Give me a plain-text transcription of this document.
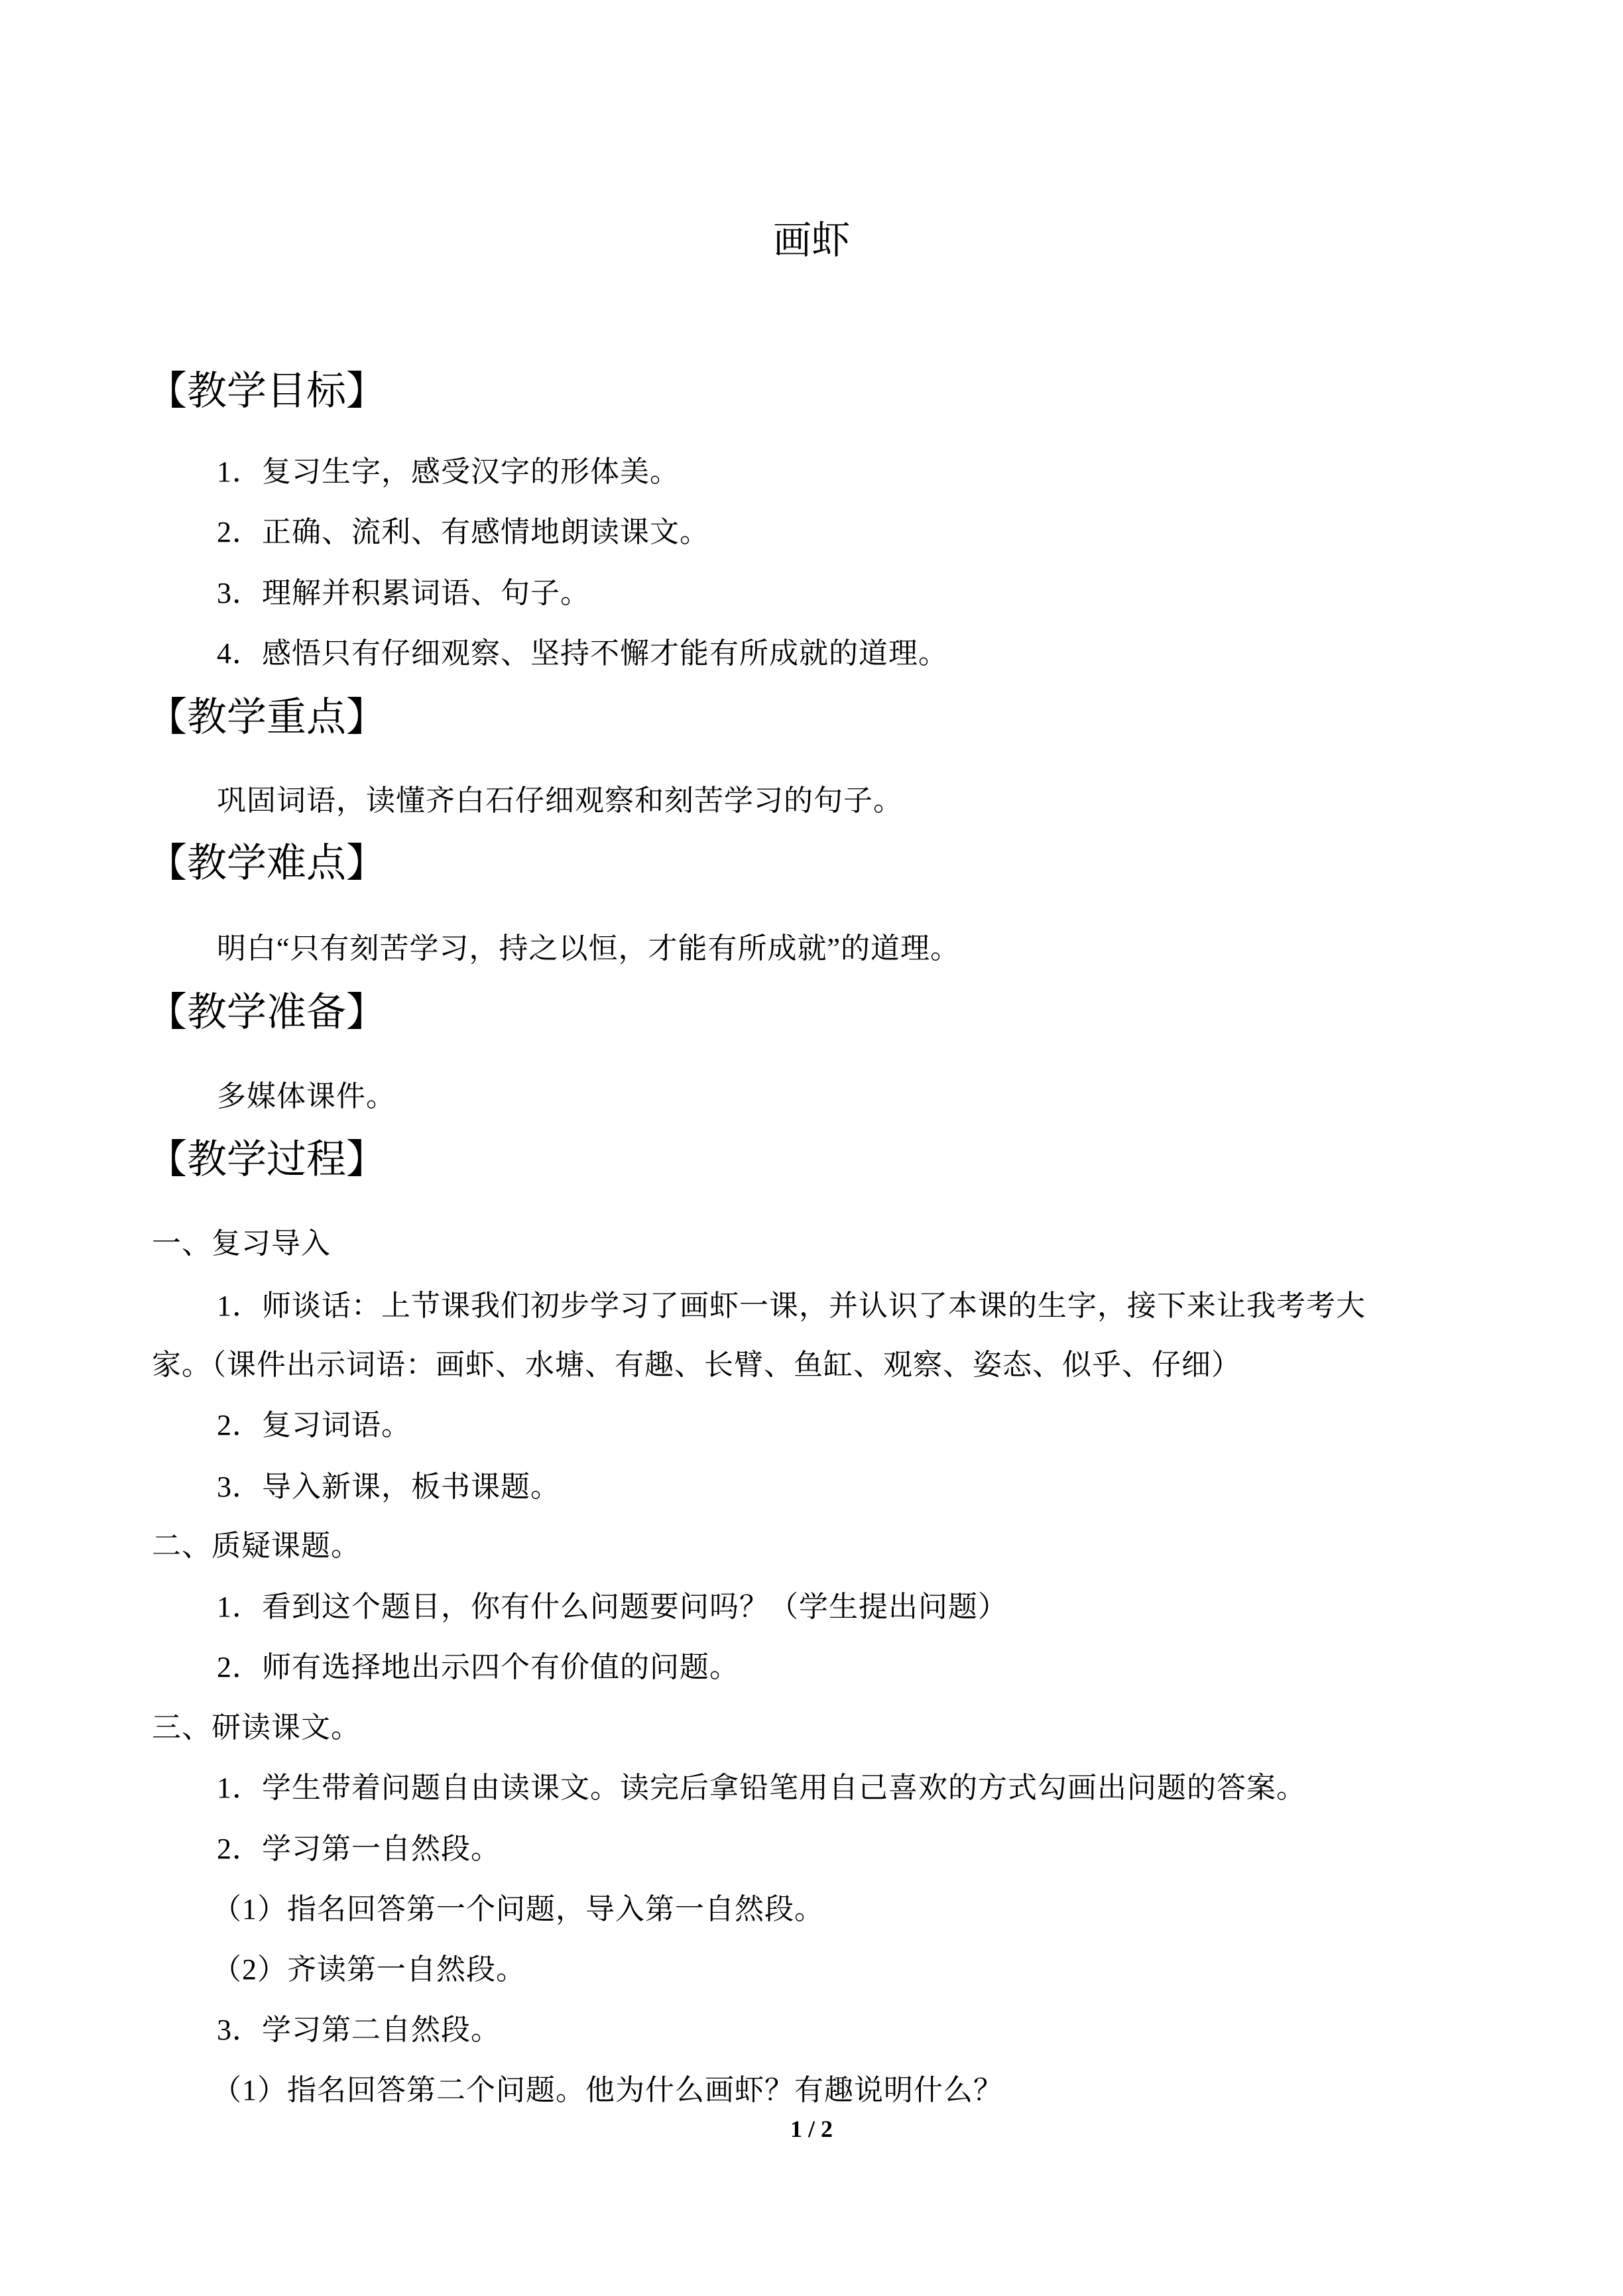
画虾
【教学目标】
1．复习生字，感受汉字的形体美。
2．正确、流利、有感情地朗读课文。
3．理解并积累词语、句子。
4．感悟只有仔细观察、坚持不懈才能有所成就的道理。
【教学重点】
巩固词语，读懂齐白石仔细观察和刻苦学习的句子。
【教学难点】
明白“只有刻苦学习，持之以恒，才能有所成就”的道理。
【教学准备】
多媒体课件。
【教学过程】
一、复习导入
1．师谈话：上节课我们初步学习了画虾一课，并认识了本课的生字，接下来让我考考大
家。（课件出示词语：画虾、水塘、有趣、长臂、鱼缸、观察、姿态、似乎、仔细）
2．复习词语。
3．导入新课，板书课题。
二、质疑课题。
1．看到这个题目，你有什么问题要问吗？（学生提出问题）
2．师有选择地出示四个有价值的问题。
三、研读课文。
1．学生带着问题自由读课文。读完后拿铅笔用自己喜欢的方式勾画出问题的答案。
2．学习第一自然段。
（1）指名回答第一个问题，导入第一自然段。
（2）齐读第一自然段。
3．学习第二自然段。
（1）指名回答第二个问题。他为什么画虾？有趣说明什么？
1 / 2
